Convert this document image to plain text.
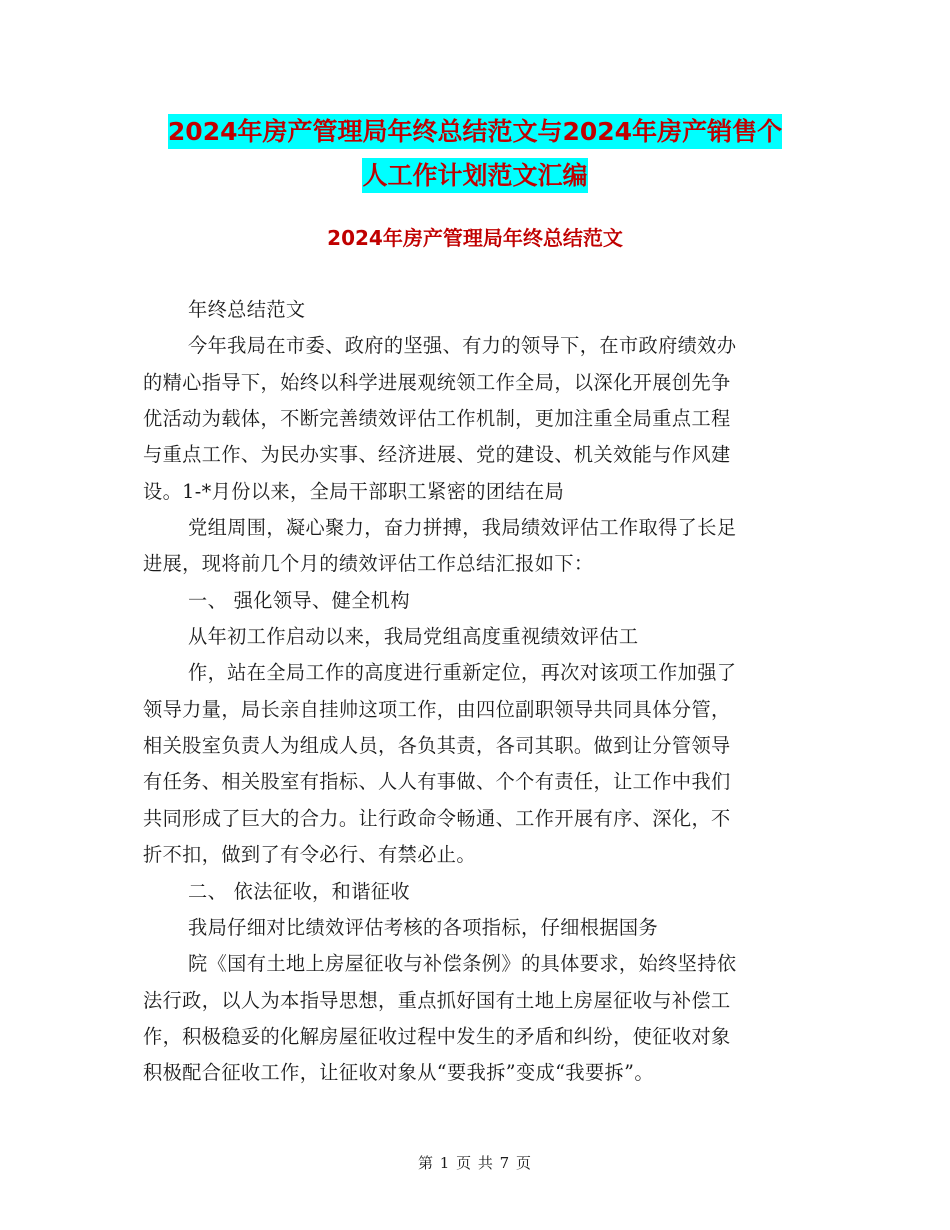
2024年房产管理局年终总结范文与2024年房产销售个
人工作计划范文汇编
2024年房产管理局年终总结范文
年终总结范文
今年我局在市委、政府的坚强、有力的领导下，在市政府绩效办
的精心指导下，始终以科学进展观统领工作全局，以深化开展创先争
优活动为载体，不断完善绩效评估工作机制，更加注重全局重点工程
与重点工作、为民办实事、经济进展、党的建设、机关效能与作风建
设。1-*月份以来，全局干部职工紧密的团结在局
党组周围，凝心聚力，奋力拼搏，我局绩效评估工作取得了长足
进展，现将前几个月的绩效评估工作总结汇报如下：
一、 强化领导、健全机构
从年初工作启动以来，我局党组高度重视绩效评估工
作，站在全局工作的高度进行重新定位，再次对该项工作加强了
领导力量，局长亲自挂帅这项工作，由四位副职领导共同具体分管，
相关股室负责人为组成人员，各负其责，各司其职。做到让分管领导
有任务、相关股室有指标、人人有事做、个个有责任，让工作中我们
共同形成了巨大的合力。让行政命令畅通、工作开展有序、深化，不
折不扣，做到了有令必行、有禁必止。
二、 依法征收，和谐征收
我局仔细对比绩效评估考核的各项指标，仔细根据国务
院《国有土地上房屋征收与补偿条例》的具体要求，始终坚持依
法行政，以人为本指导思想，重点抓好国有土地上房屋征收与补偿工
作，积极稳妥的化解房屋征收过程中发生的矛盾和纠纷，使征收对象
积极配合征收工作，让征收对象从“要我拆”变成“我要拆”。
第 1 页 共 7 页
